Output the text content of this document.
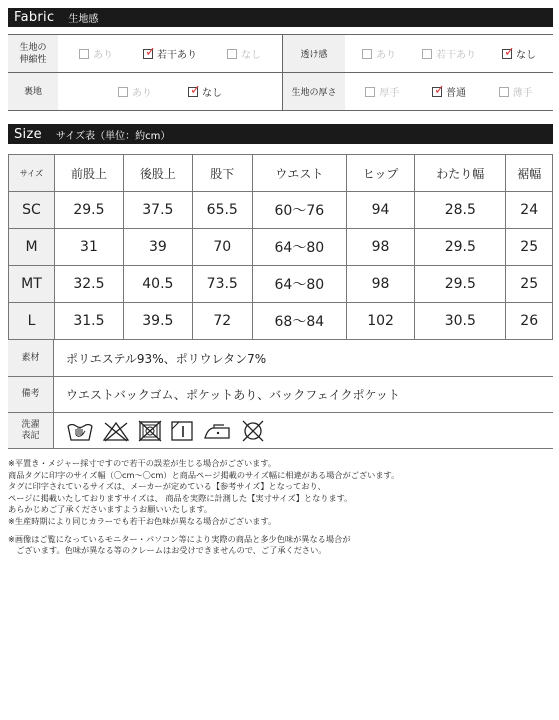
Fabric 生地感
生地の
伸縮性	あり ✓ 若干あり	なし	透け感	あり	若干あり ✓ なし
裏地	あり	✓ なし	生地の厚さ	厚手	✓ 普通	薄手
Size サイズ表（単位：約cm）
サイズ	前股上	後股上	股下	ウエスト	ヒップ	わたり幅	裾幅
SC	29.5	37.5	65.5	60〜76	94	28.5	24
M	31	39	70	64〜80	98	29.5	25
MT	32.5	40.5	73.5	64〜80	98	29.5	25
L	31.5	39.5	72	68〜84	102	30.5	26
素材	ポリエステル93%、ポリウレタン7%
備考	ウエストバックゴム、ポケットあり、バックフェイクポケット
洗濯
表記

※平置き・メジャー採寸ですので若干の誤差が生じる場合がございます。

商品タグに印字のサイズ幅（〇cm〜〇cm）と商品ページ掲載のサイズ幅に相違がある場合がございます。

タグに印字されているサイズは、メーカーが定めている【参考サイズ】となっており、

ページに掲載いたしておりますサイズは、 商品を実際に計測した【実寸サイズ】となります。

あらかじめご了承くださいますようお願いいたします。

※生産時期により同じカラーでも若干お色味が異なる場合がございます。

※画像はご覧になっているモニター・パソコン等により実際の商品と多少色味が異なる場合が

　ございます。色味が異なる等のクレームはお受けできませんので、ご了承ください。
